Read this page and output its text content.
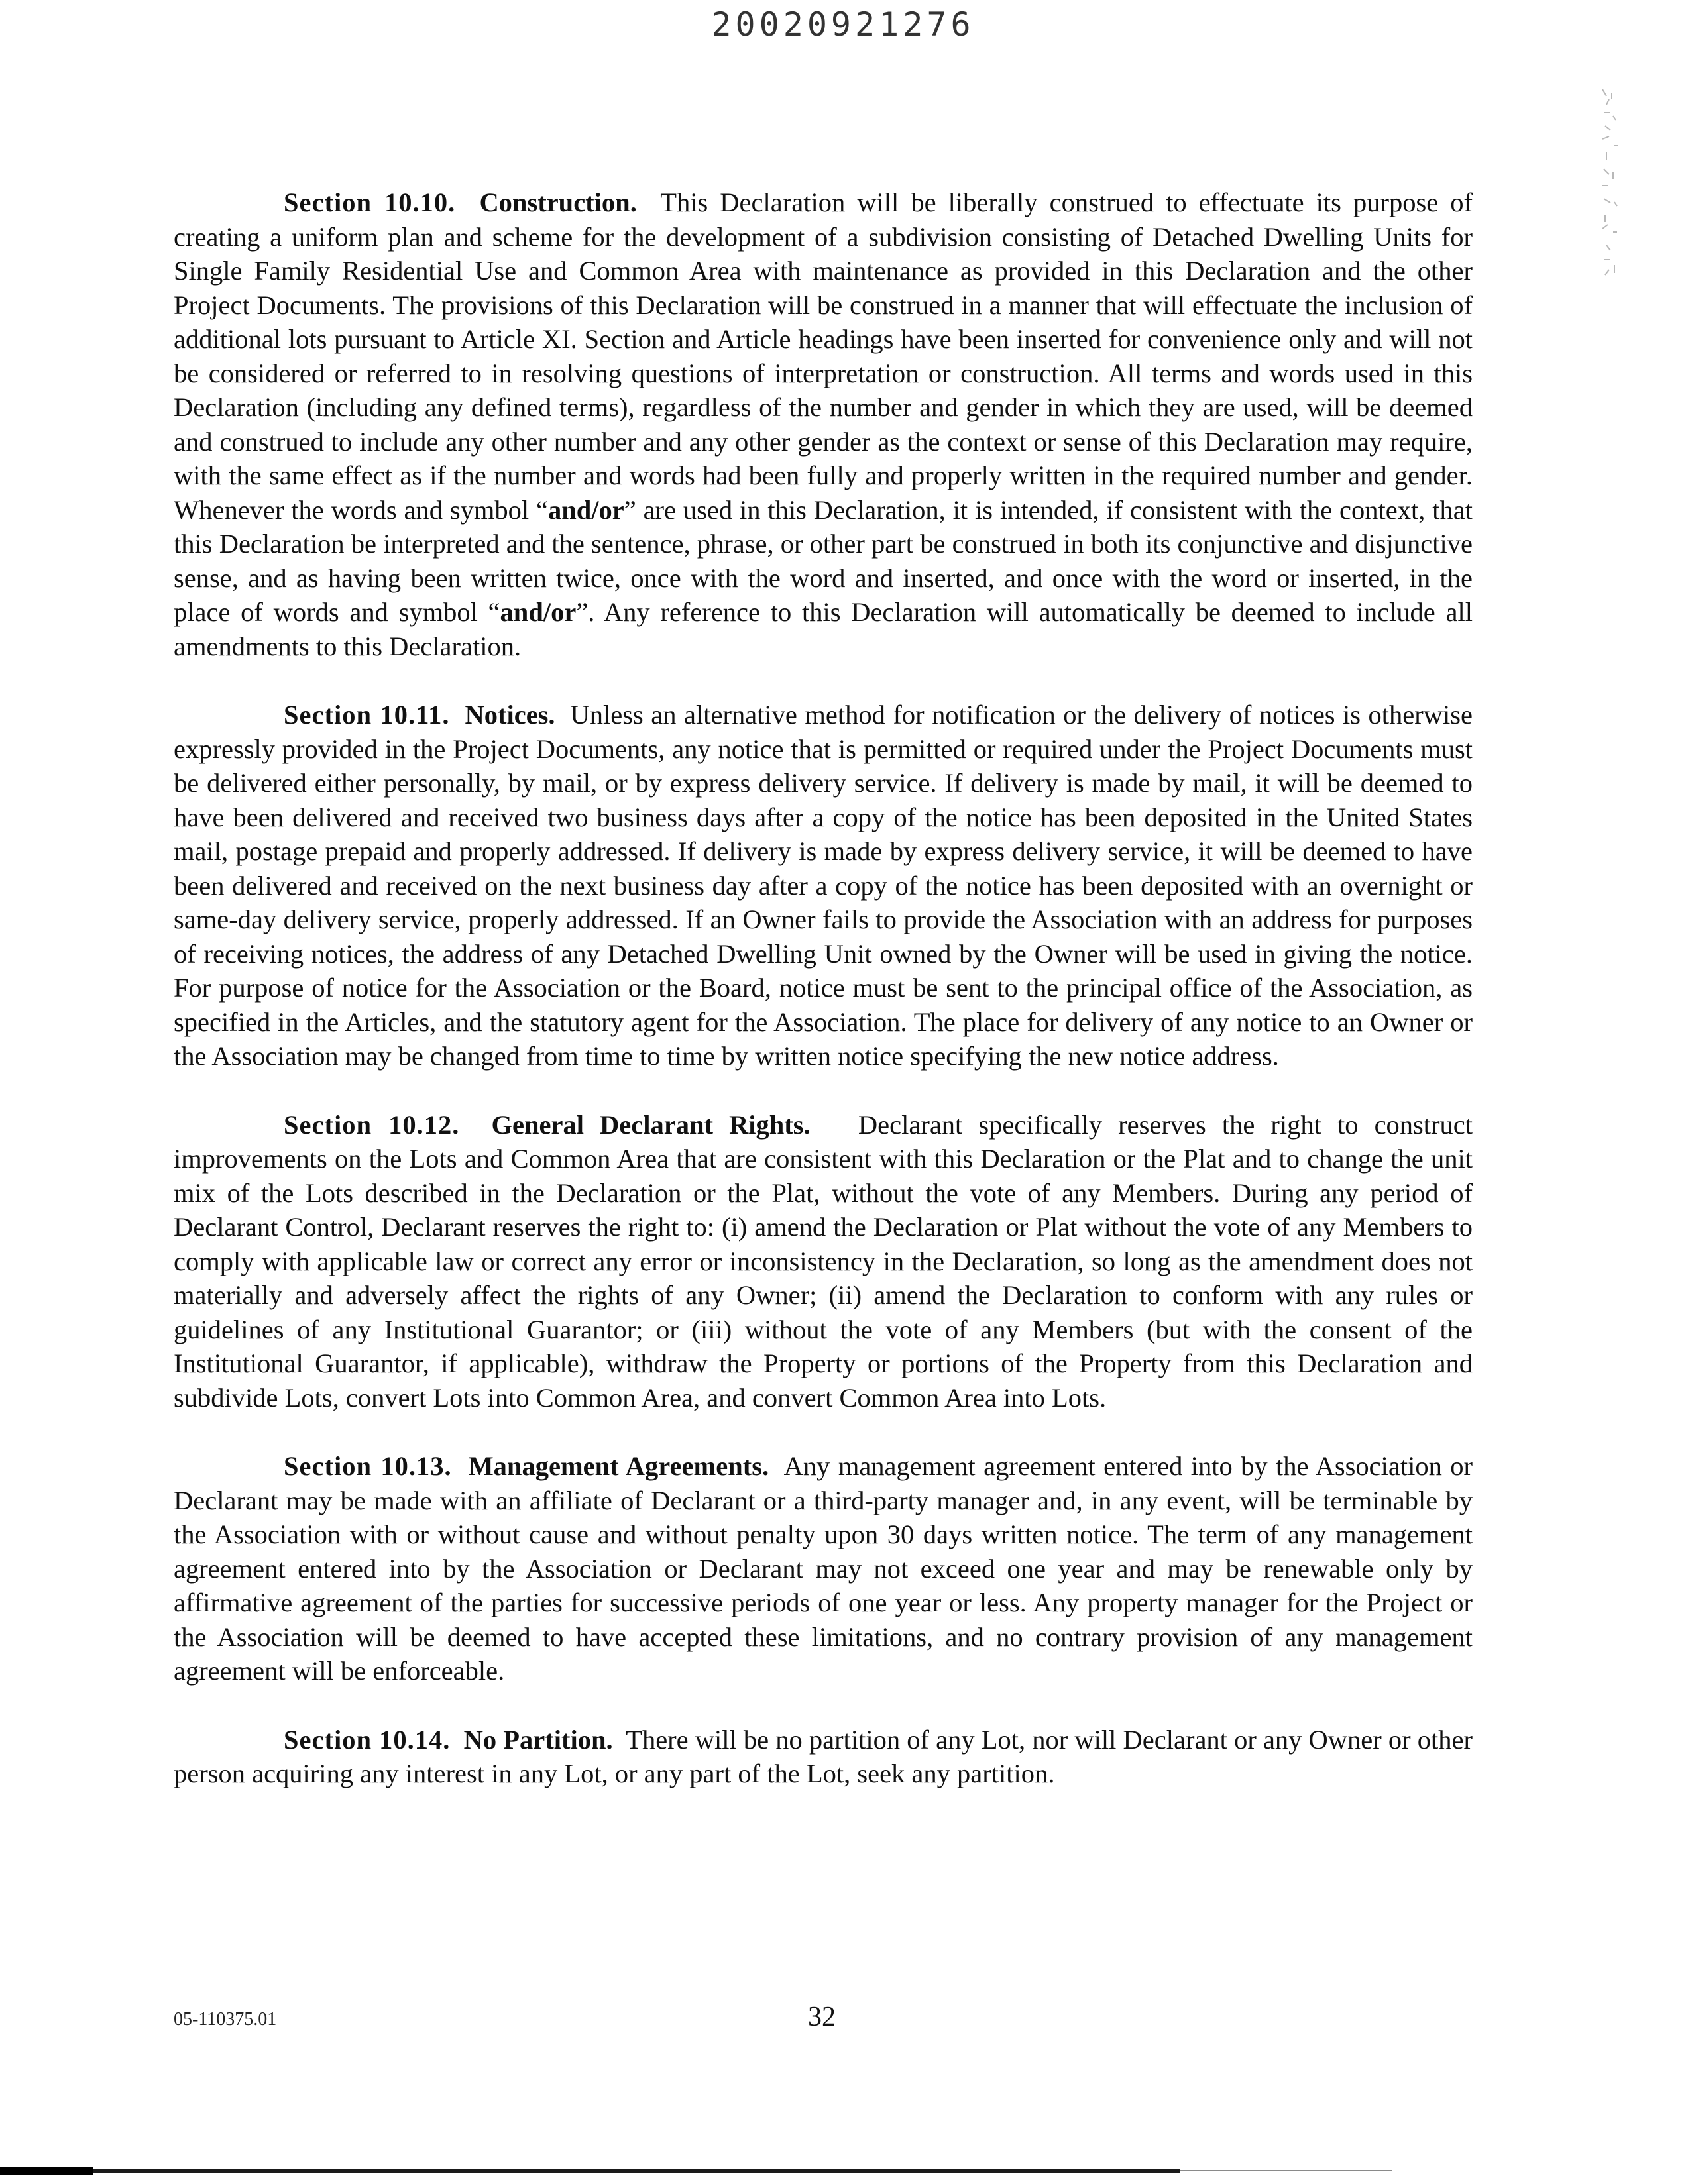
20020921276

Section 10.10. Construction. This Declaration will be liberally construed to effectuate its purpose of creating a uniform plan and scheme for the development of a subdivision consisting of Detached Dwelling Units for Single Family Residential Use and Common Area with maintenance as provided in this Declaration and the other Project Documents. The provisions of this Declaration will be construed in a manner that will effectuate the inclusion of additional lots pursuant to Article XI. Section and Article headings have been inserted for convenience only and will not be considered or referred to in resolving questions of interpretation or construction. All terms and words used in this Declaration (including any defined terms), regardless of the number and gender in which they are used, will be deemed and construed to include any other number and any other gender as the context or sense of this Declaration may require, with the same effect as if the number and words had been fully and properly written in the required number and gender. Whenever the words and symbol “and/or” are used in this Declaration, it is intended, if consistent with the context, that this Declaration be interpreted and the sentence, phrase, or other part be construed in both its conjunctive and disjunctive sense, and as having been written twice, once with the word and inserted, and once with the word or inserted, in the place of words and symbol “and/or”. Any reference to this Declaration will automatically be deemed to include all amendments to this Declaration.

Section 10.11. Notices. Unless an alternative method for notification or the delivery of notices is otherwise expressly provided in the Project Documents, any notice that is permitted or required under the Project Documents must be delivered either personally, by mail, or by express delivery service. If delivery is made by mail, it will be deemed to have been delivered and received two business days after a copy of the notice has been deposited in the United States mail, postage prepaid and properly addressed. If delivery is made by express delivery service, it will be deemed to have been delivered and received on the next business day after a copy of the notice has been deposited with an overnight or same-day delivery service, properly addressed. If an Owner fails to provide the Association with an address for purposes of receiving notices, the address of any Detached Dwelling Unit owned by the Owner will be used in giving the notice. For purpose of notice for the Association or the Board, notice must be sent to the principal office of the Association, as specified in the Articles, and the statutory agent for the Association. The place for delivery of any notice to an Owner or the Association may be changed from time to time by written notice specifying the new notice address.

Section 10.12. General Declarant Rights. Declarant specifically reserves the right to construct improvements on the Lots and Common Area that are consistent with this Declaration or the Plat and to change the unit mix of the Lots described in the Declaration or the Plat, without the vote of any Members. During any period of Declarant Control, Declarant reserves the right to: (i) amend the Declaration or Plat without the vote of any Members to comply with applicable law or correct any error or inconsistency in the Declaration, so long as the amendment does not materially and adversely affect the rights of any Owner; (ii) amend the Declaration to conform with any rules or guidelines of any Institutional Guarantor; or (iii) without the vote of any Members (but with the consent of the Institutional Guarantor, if applicable), withdraw the Property or portions of the Property from this Declaration and subdivide Lots, convert Lots into Common Area, and convert Common Area into Lots.

Section 10.13. Management Agreements. Any management agreement entered into by the Association or Declarant may be made with an affiliate of Declarant or a third-party manager and, in any event, will be terminable by the Association with or without cause and without penalty upon 30 days written notice. The term of any management agreement entered into by the Association or Declarant may not exceed one year and may be renewable only by affirmative agreement of the parties for successive periods of one year or less. Any property manager for the Project or the Association will be deemed to have accepted these limitations, and no contrary provision of any management agreement will be enforceable.

Section 10.14. No Partition. There will be no partition of any Lot, nor will Declarant or any Owner or other person acquiring any interest in any Lot, or any part of the Lot, seek any partition.

05-110375.01	32
